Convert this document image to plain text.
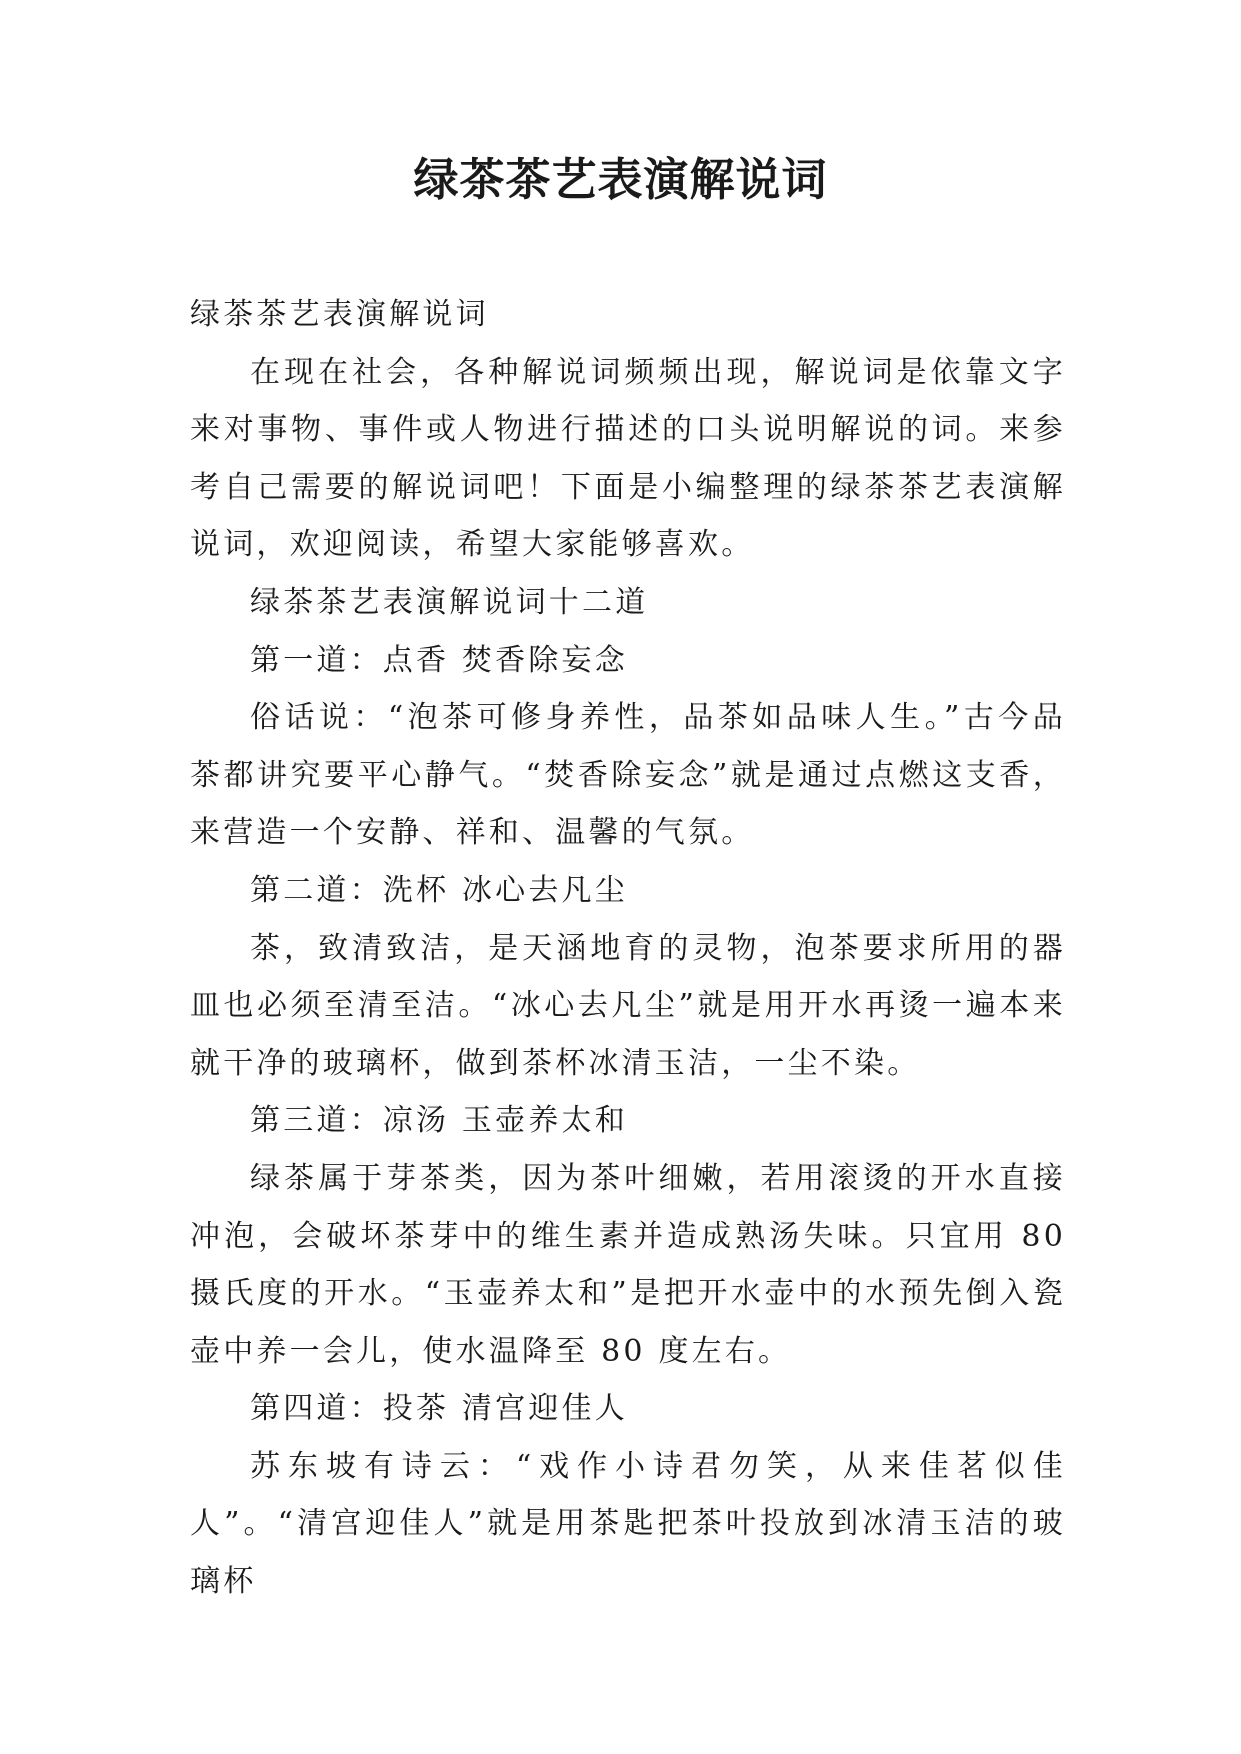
绿茶茶艺表演解说词

绿茶茶艺表演解说词

在现在社会，各种解说词频频出现，解说词是依靠文字来对事物、事件或人物进行描述的口头说明解说的词。来参考自己需要的解说词吧！下面是小编整理的绿茶茶艺表演解说词，欢迎阅读，希望大家能够喜欢。

绿茶茶艺表演解说词十二道

第一道：点香 焚香除妄念

俗话说：“泡茶可修身养性，品茶如品味人生。”古今品茶都讲究要平心静气。“焚香除妄念”就是通过点燃这支香，来营造一个安静、祥和、温馨的气氛。

第二道：洗杯 冰心去凡尘

茶，致清致洁，是天涵地育的灵物，泡茶要求所用的器皿也必须至清至洁。“冰心去凡尘”就是用开水再烫一遍本来就干净的玻璃杯，做到茶杯冰清玉洁，一尘不染。

第三道：凉汤 玉壶养太和

绿茶属于芽茶类，因为茶叶细嫩，若用滚烫的开水直接冲泡，会破坏茶芽中的维生素并造成熟汤失味。只宜用 80 摄氏度的开水。“玉壶养太和”是把开水壶中的水预先倒入瓷壶中养一会儿，使水温降至 80 度左右。

第四道：投茶 清宫迎佳人

苏东坡有诗云：“戏作小诗君勿笑，从来佳茗似佳人”。“清宫迎佳人”就是用茶匙把茶叶投放到冰清玉洁的玻璃杯
